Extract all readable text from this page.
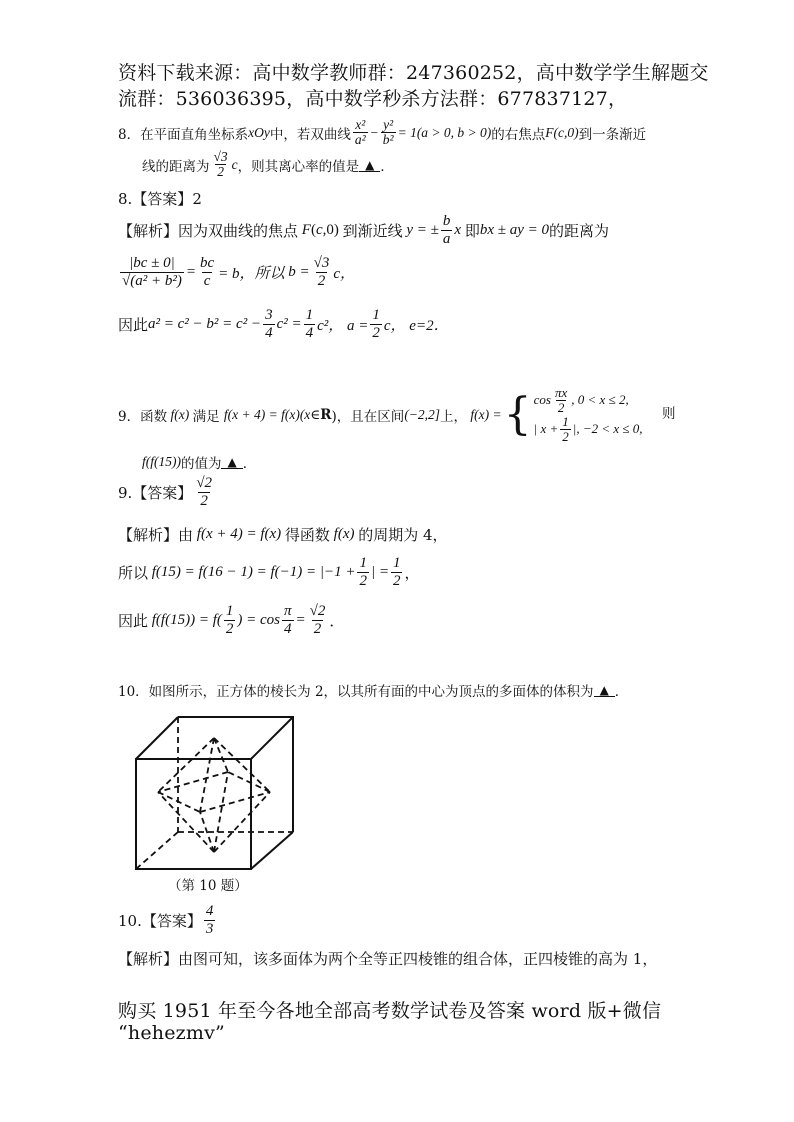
资料下载来源：高中数学教师群：247360252，高中数学学生解题交
流群：536036395，高中数学秒杀方法群：677837127，
8．在平面直角坐标系 xOy 中，若双曲线 $\frac{\text{x²}}{\text{a²}} - \frac{\text{y²}}{\text{b²}} = 1(a > 0$, b > 0) 的右焦点 F(c,0) 到一条渐近
线的距离为 $\frac{√3}{2}$ c ，则其离心率的值是 ▲ ．
8.【答案】2
【解析】 因为双曲线的焦点 F(c,0) 到渐近线 y = ± $\frac{b}{a}$ x 即 bx ± ay = 0 的距离为
$\frac{|bc \pm 0|}{\text{√(a² + b²)}} = \frac{bc}{c} = b$，所以 $b = \frac{√3}{2}$ c，
因此 $a^2 = c^2 - b^2 = c^2 - \frac{3}{4} c^2 = \frac{1}{4} c^2$， $a = \frac{1}{2}$ c， e=2．
9．函数 f(x) 满足 f(x + 4) = f(x)(x∈ R )，且在区间 (−2,2] 上， f(x) = { $\cos \frac{\pi x}{2}$ , 0 < x ≤ 2,
| $x + \frac{1}{2}$ |, −2 < x ≤ 0,
则
f(f(15)) 的值为 ▲ ．
9.【答案】 $\frac{√2}{2}$
【解析】 由 f(x + 4) = f(x) 得函数 f(x) 的周期为 4，
所以 $f(15) = f(16 - 1) = f(-1) = |-1 + \frac{1}{2}$ | = $\frac{1}{2}$ ，
因此 $f(f(15)) = f( \frac{1}{2}$ ) = $\cos \frac{\pi}{4} = \frac{√2}{2}$ ．
10．如图所示，正方体的棱长为 2，以其所有面的中心为顶点的多面体的体积为 ▲ ．
（第 10 题）
10.【答案】 $\frac{4}{3}$
【解析】由图可知，该多面体为两个全等正四棱锥的组合体，正四棱锥的高为 1，
购买 1951 年至今各地全部高考数学试卷及答案 word 版+微信
“hehezmv”
